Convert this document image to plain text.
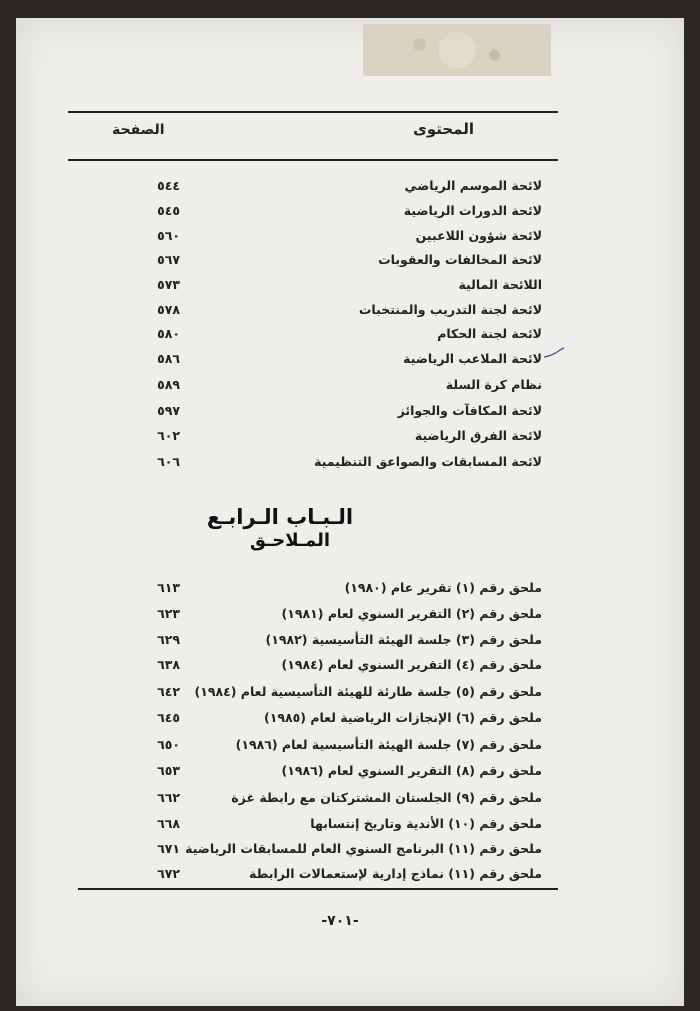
المحتوى
الصفحة
لائحة الموسم الرياضي
٥٤٤
لائحة الدورات الرياضية
٥٤٥
لائحة شؤون اللاعبين
٥٦٠
لائحة المخالفات والعقوبات
٥٦٧
اللائحة المالية
٥٧٣
لائحة لجنة التدريب والمنتخبات
٥٧٨
لائحة لجنة الحكام
٥٨٠
لائحة الملاعب الرياضية
٥٨٦
نظام كرة السلة
٥٨٩
لائحة المكافآت والجوائز
٥٩٧
لائحة الفرق الرياضية
٦٠٢
لائحة المسابقات والصواعق التنظيمية
٦٠٦
الـبـاب الـرابـع
المـلاحـق
ملحق رقم (١) تقرير عام (١٩٨٠)
٦١٣
ملحق رقم (٢) التقرير السنوي لعام (١٩٨١)
٦٢٣
ملحق رقم (٣) جلسة الهيئة التأسيسية (١٩٨٢)
٦٢٩
ملحق رقم (٤) التقرير السنوي لعام (١٩٨٤)
٦٣٨
ملحق رقم (٥) جلسة طارئة للهيئة التأسيسية لعام (١٩٨٤)
٦٤٢
ملحق رقم (٦) الإنجازات الرياضية لعام (١٩٨٥)
٦٤٥
ملحق رقم (٧) جلسة الهيئة التأسيسية لعام (١٩٨٦)
٦٥٠
ملحق رقم (٨) التقرير السنوي لعام (١٩٨٦)
٦٥٣
ملحق رقم (٩) الجلستان المشتركتان مع رابطة غزة
٦٦٢
ملحق رقم (١٠) الأندية وتاريخ إنتسابها
٦٦٨
ملحق رقم (١١) البرنامج السنوي العام للمسابقات الرياضية
٦٧١
ملحق رقم (١١) نماذج إدارية لإستعمالات الرابطة
٦٧٢
-٧٠١-
